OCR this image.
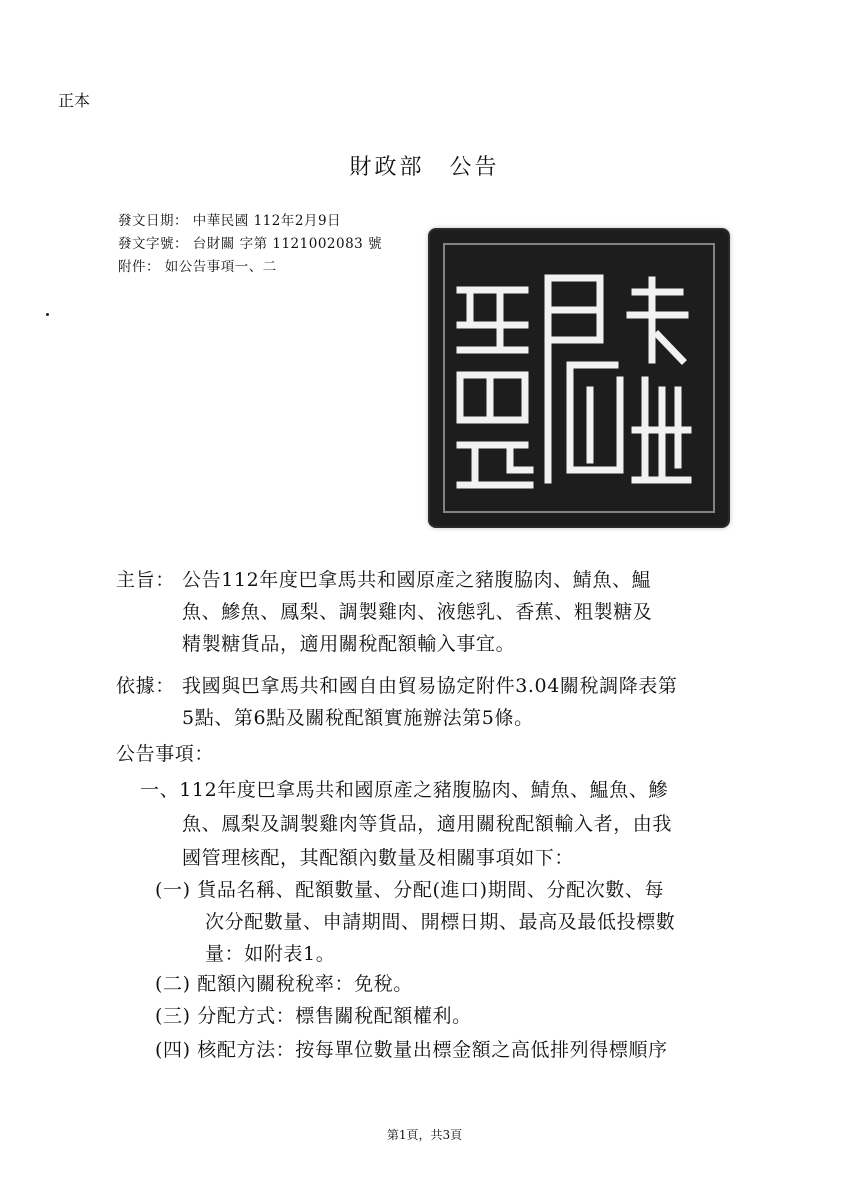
正本
財政部　公告
發文日期： 中華民國 112年2月9日
發文字號： 台財關 字第 1121002083 號
附件： 如公告事項一、二
主旨： 公告112年度巴拿馬共和國原產之豬腹脇肉、鯖魚、鰛
魚、鰺魚、鳳梨、調製雞肉、液態乳、香蕉、粗製糖及
精製糖貨品，適用關稅配額輸入事宜。
依據： 我國與巴拿馬共和國自由貿易協定附件3.04關稅調降表第
5點、第6點及關稅配額實施辦法第5條。
公告事項：
一、112年度巴拿馬共和國原產之豬腹脇肉、鯖魚、鰛魚、鰺
魚、鳳梨及調製雞肉等貨品，適用關稅配額輸入者，由我
國管理核配，其配額內數量及相關事項如下：
(一) 貨品名稱、配額數量、分配(進口)期間、分配次數、每
次分配數量、申請期間、開標日期、最高及最低投標數
量：如附表1。
(二) 配額內關稅稅率：免稅。
(三) 分配方式：標售關稅配額權利。
(四) 核配方法：按每單位數量出標金額之高低排列得標順序
第1頁，共3頁
